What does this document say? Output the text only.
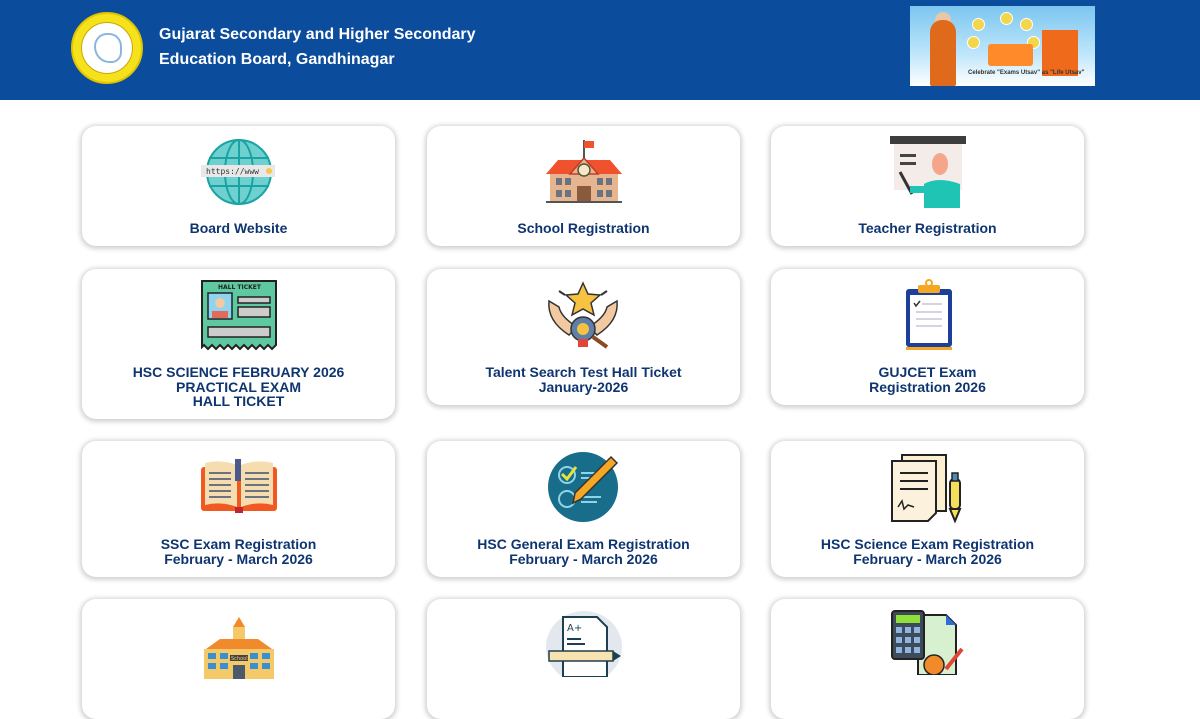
Gujarat Secondary and Higher Secondary
Education Board, Gandhinagar
Celebrate "Exams Utsav" as "Life Utsav"
https://www
Board Website	School Registration	Teacher Registration
HALL TICKET
HSC SCIENCE FEBRUARY 2026
PRACTICAL EXAM
HALL TICKET
Talent Search Test Hall Ticket
January-2026
GUJCET Exam
Registration 2026
SSC Exam Registration
February - March 2026
HSC General Exam Registration
February - March 2026
HSC Science Exam Registration
February - March 2026
School
A+
